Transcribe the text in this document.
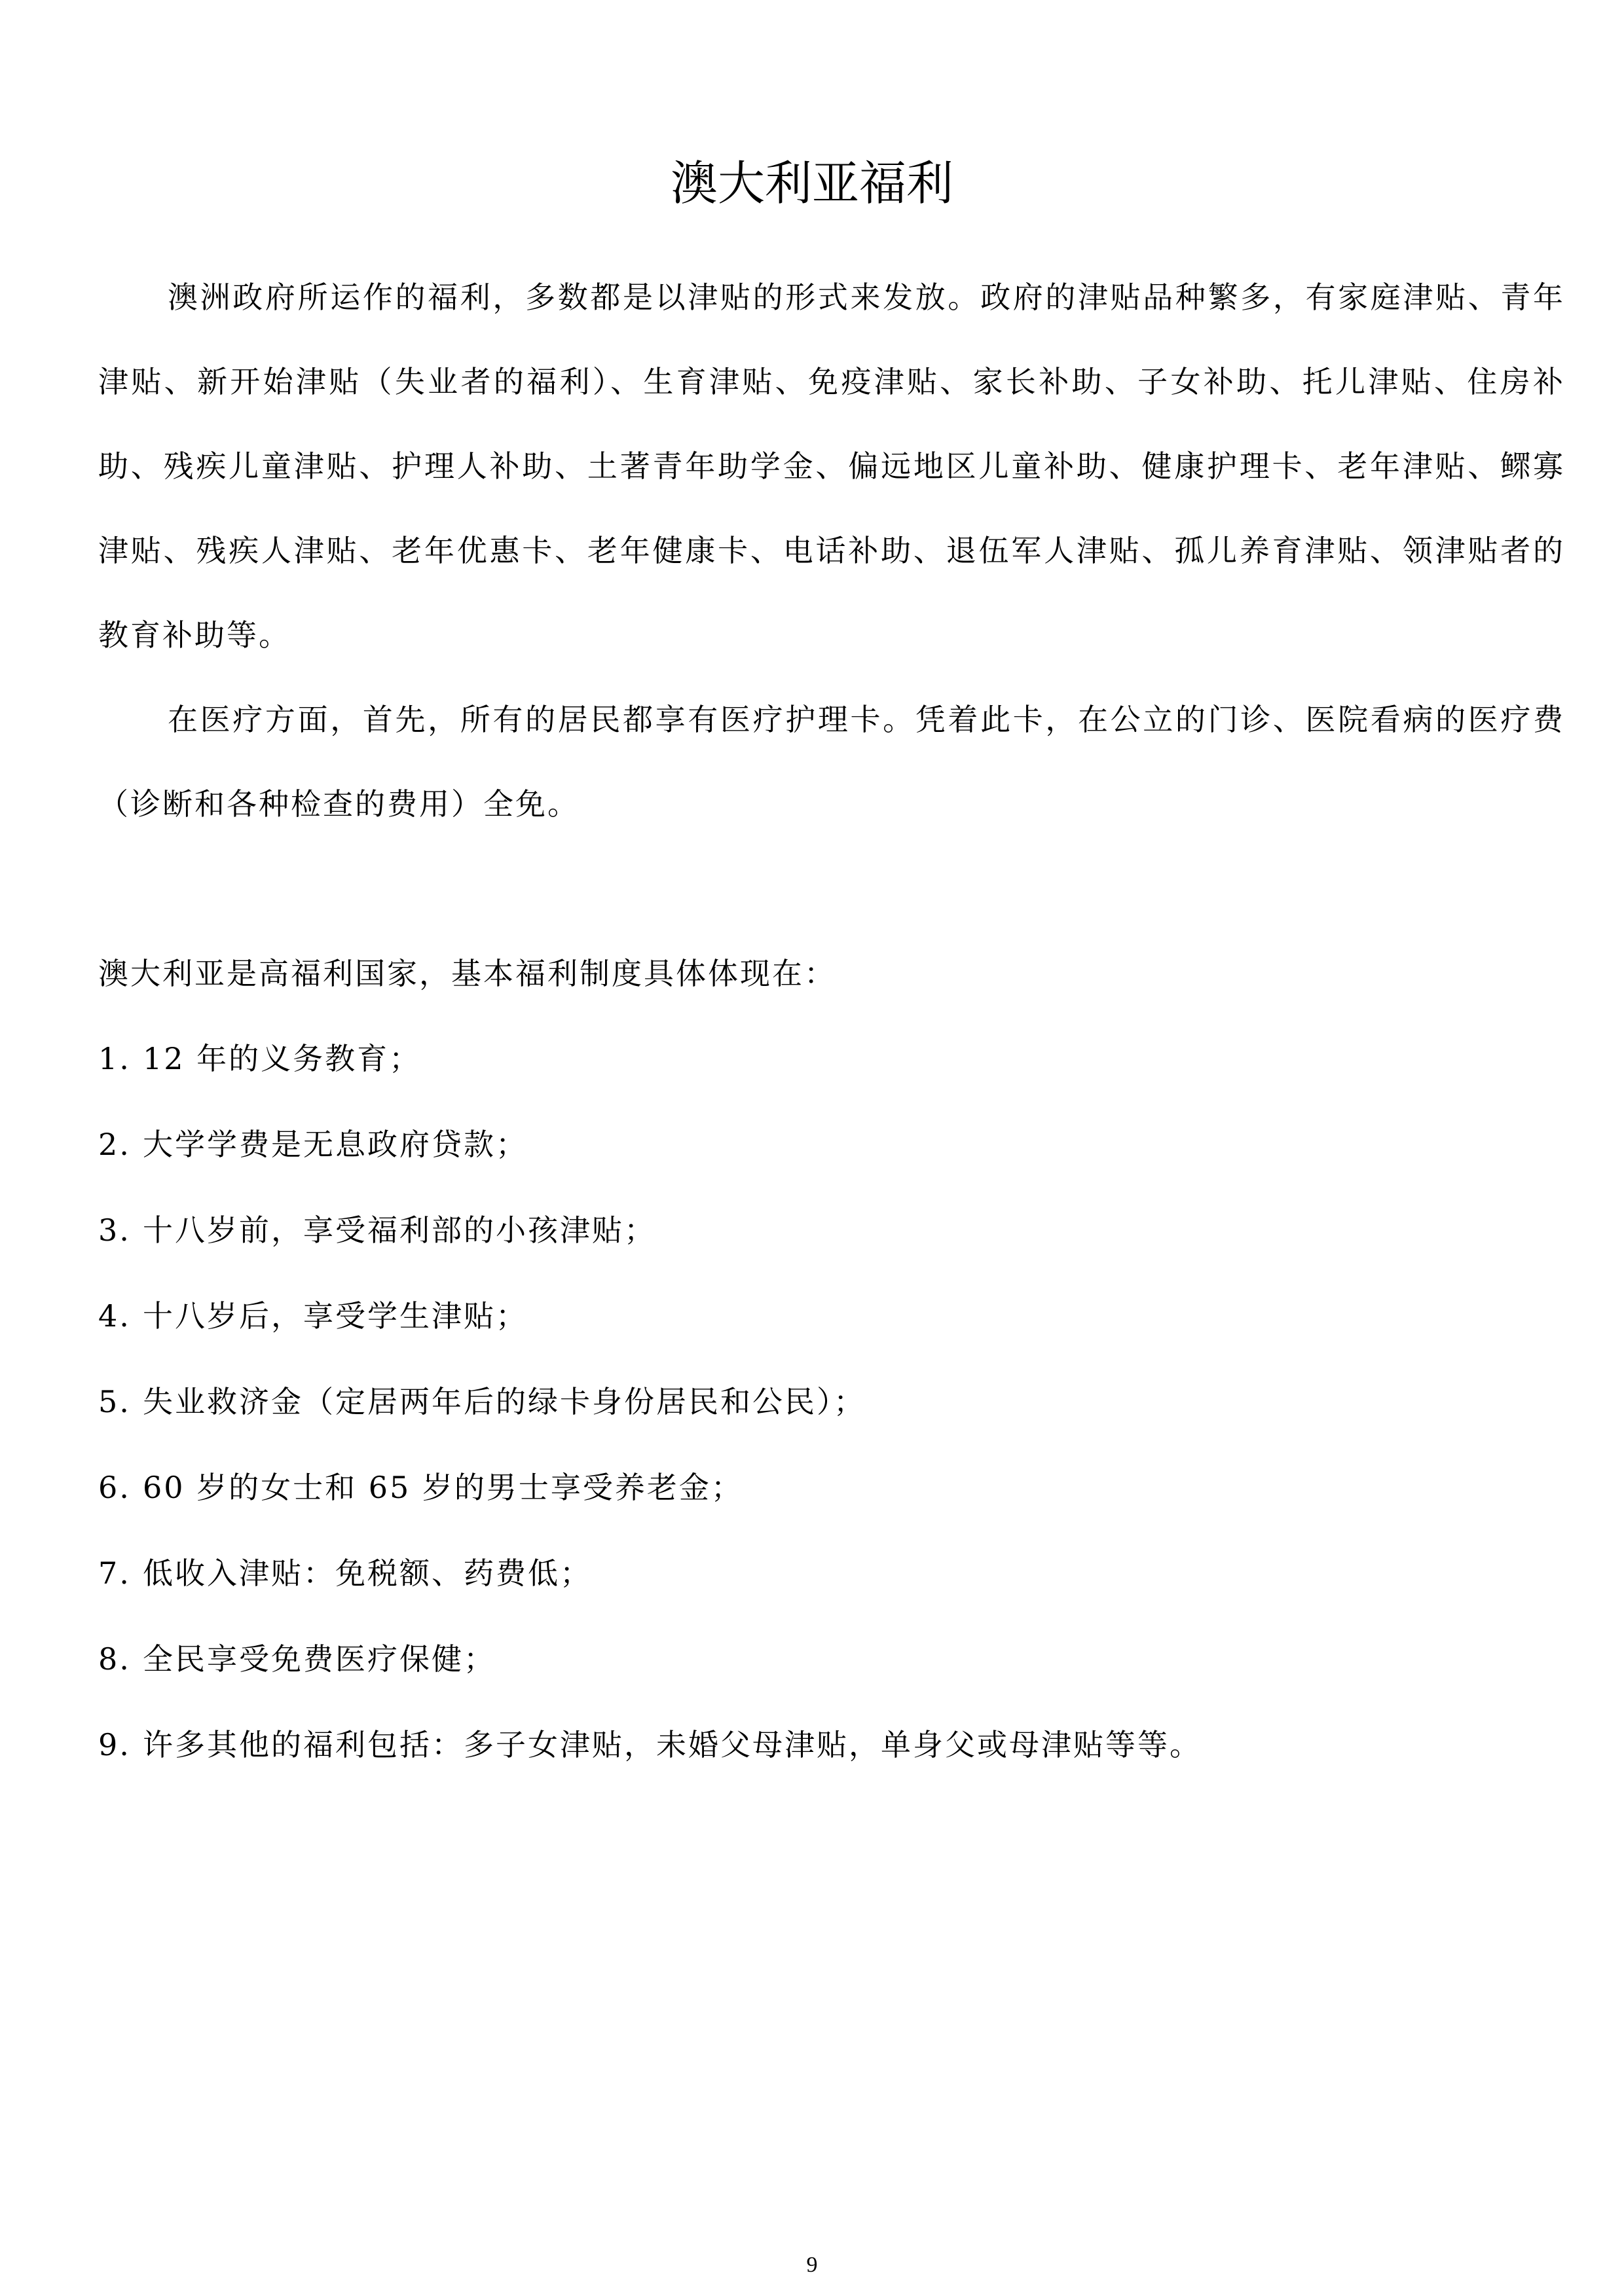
澳大利亚福利

澳洲政府所运作的福利，多数都是以津贴的形式来发放。政府的津贴品种繁多，有家庭津贴、青年津贴、新开始津贴（失业者的福利）、生育津贴、免疫津贴、家长补助、子女补助、托儿津贴、住房补助、残疾儿童津贴、护理人补助、土著青年助学金、偏远地区儿童补助、健康护理卡、老年津贴、鳏寡津贴、残疾人津贴、老年优惠卡、老年健康卡、电话补助、退伍军人津贴、孤儿养育津贴、领津贴者的教育补助等。

在医疗方面，首先，所有的居民都享有医疗护理卡。凭着此卡，在公立的门诊、医院看病的医疗费（诊断和各种检查的费用）全免。

澳大利亚是高福利国家，基本福利制度具体体现在：

1. 12 年的义务教育；
2. 大学学费是无息政府贷款；
3. 十八岁前，享受福利部的小孩津贴；
4. 十八岁后，享受学生津贴；
5. 失业救济金（定居两年后的绿卡身份居民和公民）；
6. 60 岁的女士和 65 岁的男士享受养老金；
7. 低收入津贴：免税额、药费低；
8. 全民享受免费医疗保健；
9. 许多其他的福利包括：多子女津贴，未婚父母津贴，单身父或母津贴等等。
9
